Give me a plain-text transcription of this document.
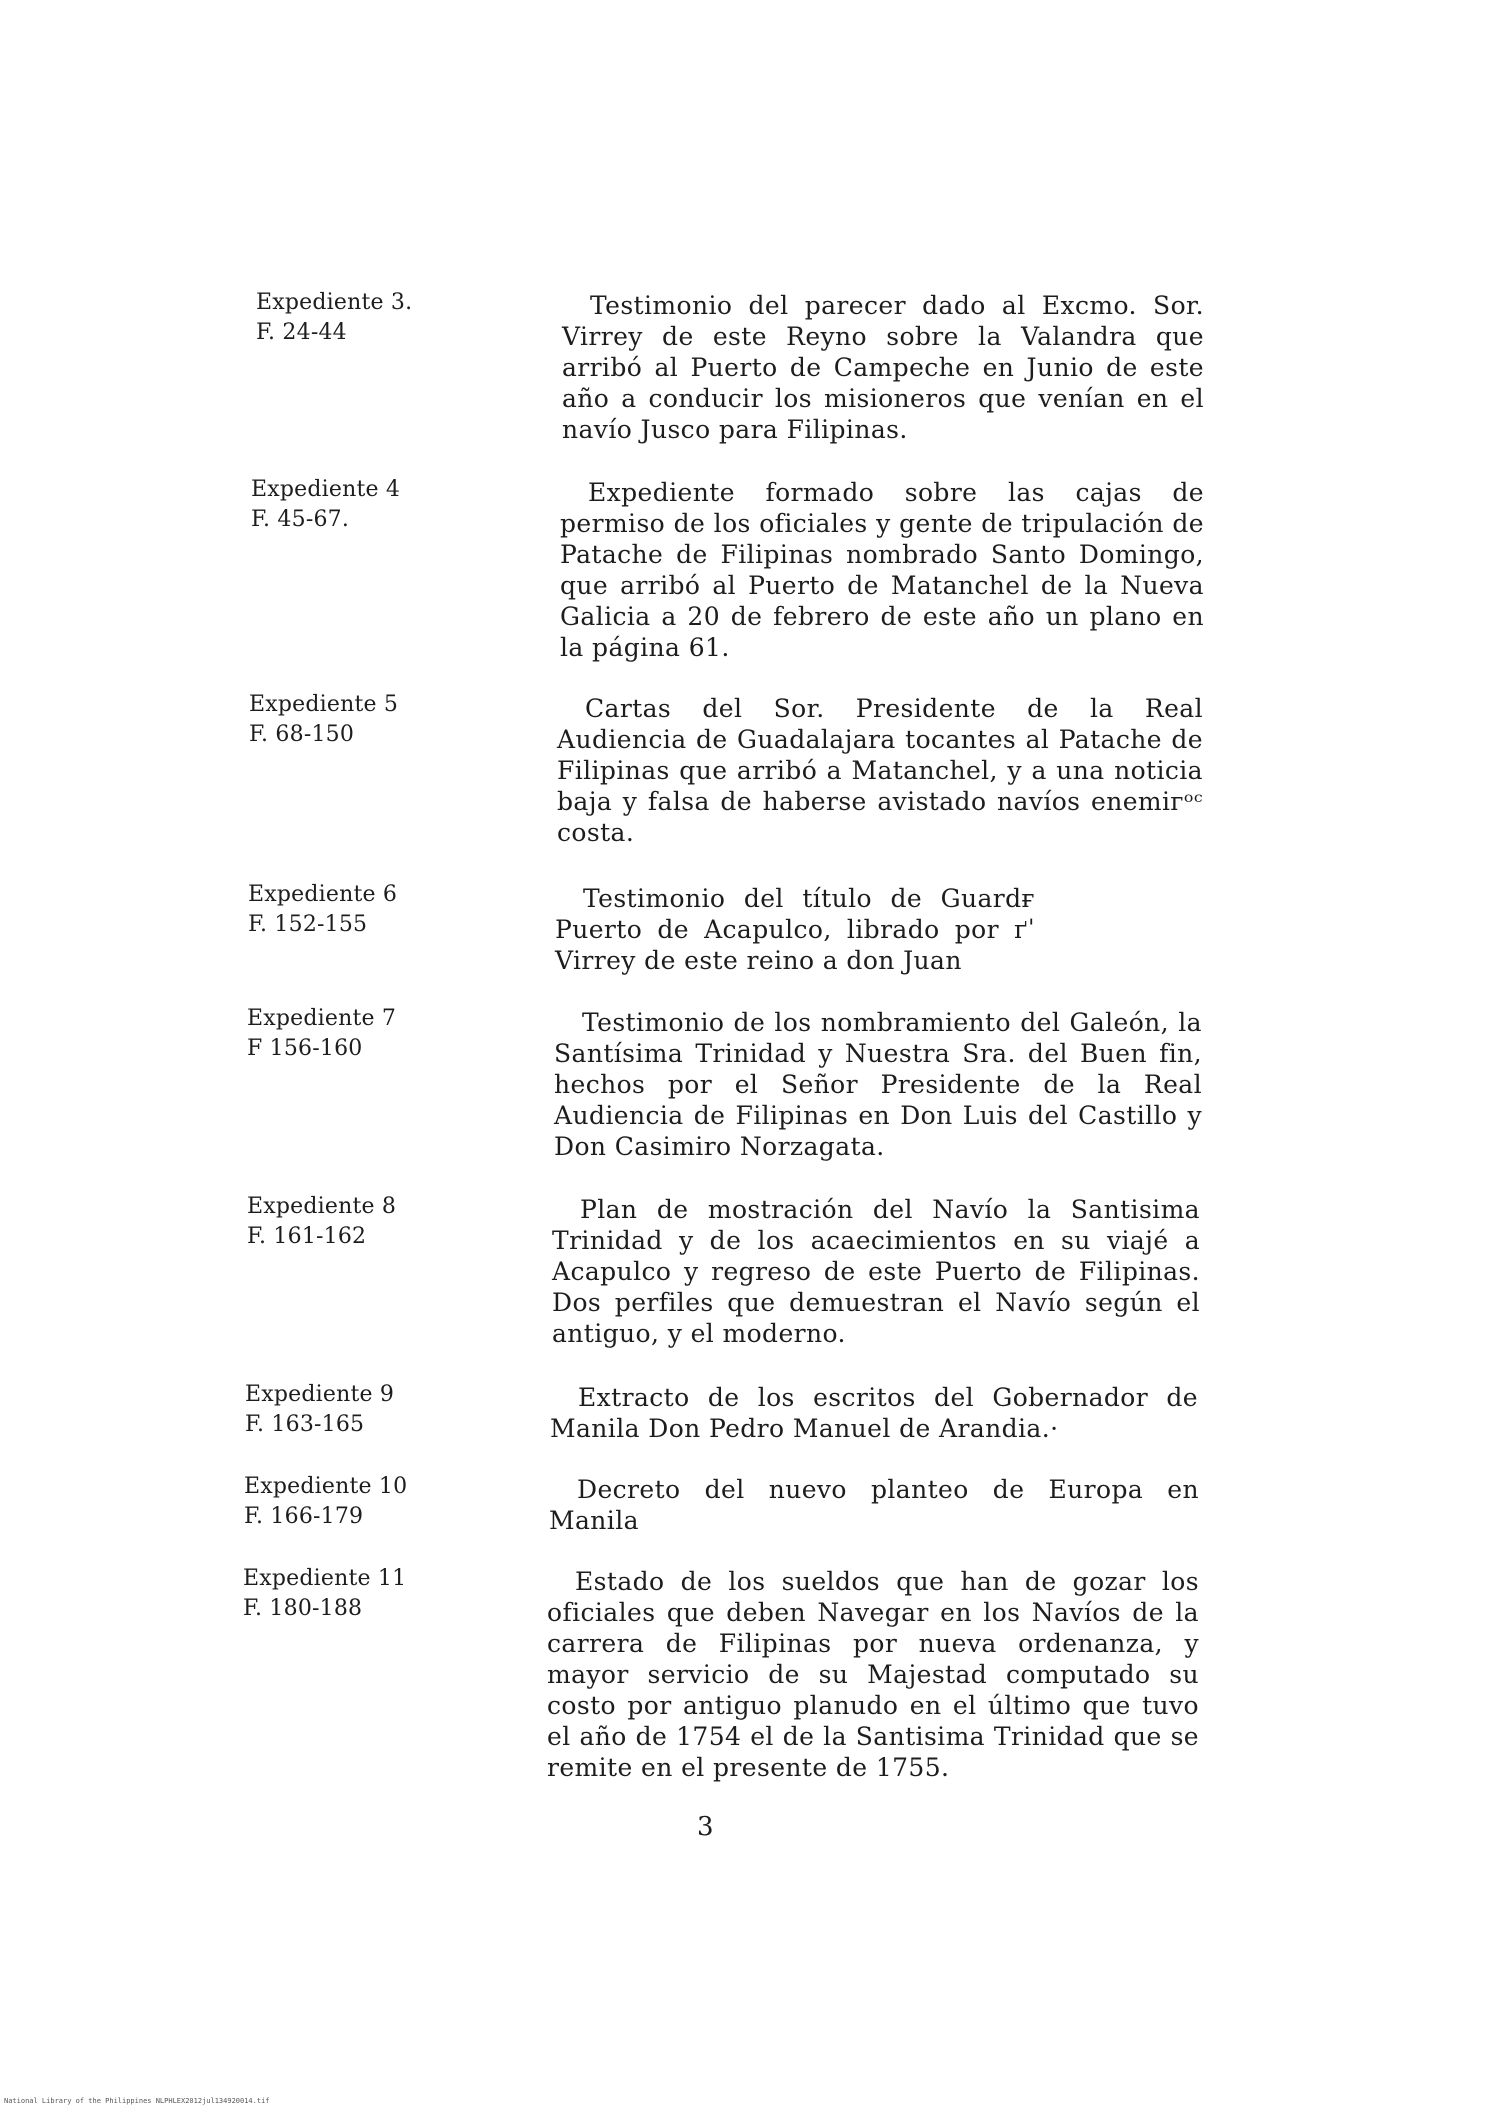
Expediente 3.
F. 24-44
Testimonio del parecer dado al Excmo. Sor. Virrey de este Reyno sobre la Valandra que arribó al Puerto de Campeche en Junio de este año a conducir los misioneros que venían en el navío Jusco para Filipinas.
Expediente 4
F. 45-67.
Expediente formado sobre las cajas de permiso de los oficiales y gente de tripulación de Patache de Filipinas nombrado Santo Domingo, que arribó al Puerto de Matanchel de la Nueva Galicia a 20 de febrero de este año un plano en la página 61.
Expediente 5
F. 68-150
Cartas del Sor. Presidente de la Real Audiencia de Guadalajara tocantes al Patache de Filipinas que arribó a Matanchel, y a una noticia baja y falsa de haberse avistado navíos enemiгᵒᶜ costa.
Expediente 6
F. 152-155
Testimonio del título de Guardғ Puerto de Acapulco, librado por ґˈ Virrey de este reino a don Juan
Expediente 7
F 156-160
Testimonio de los nombramiento del Galeón, la Santísima Trinidad y Nuestra Sra. del Buen fin, hechos por el Señor Presidente de la Real Audiencia de Filipinas en Don Luis del Castillo y Don Casimiro Norzagata.
Expediente 8
F. 161-162
Plan de mostración del Navío la Santisima Trinidad y de los acaecimientos en su viajé a Acapulco y regreso de este Puerto de Filipinas. Dos perfiles que demuestran el Navío según el antiguo, y el moderno.
Expediente 9
F. 163-165
Extracto de los escritos del Gobernador de Manila Don Pedro Manuel de Arandia.·
Expediente 10
F. 166-179
Decreto del nuevo planteo de Europa en Manila
Expediente 11
F. 180-188
Estado de los sueldos que han de gozar los oficiales que deben Navegar en los Navíos de la carrera de Filipinas por nueva ordenanza, y mayor servicio de su Majestad computado su costo por antiguo planudo en el último que tuvo el año de 1754 el de la Santisima Trinidad que se remite en el presente de 1755.
3
National Library of the Philippines NLPHLEX2012jul134920014.tif
